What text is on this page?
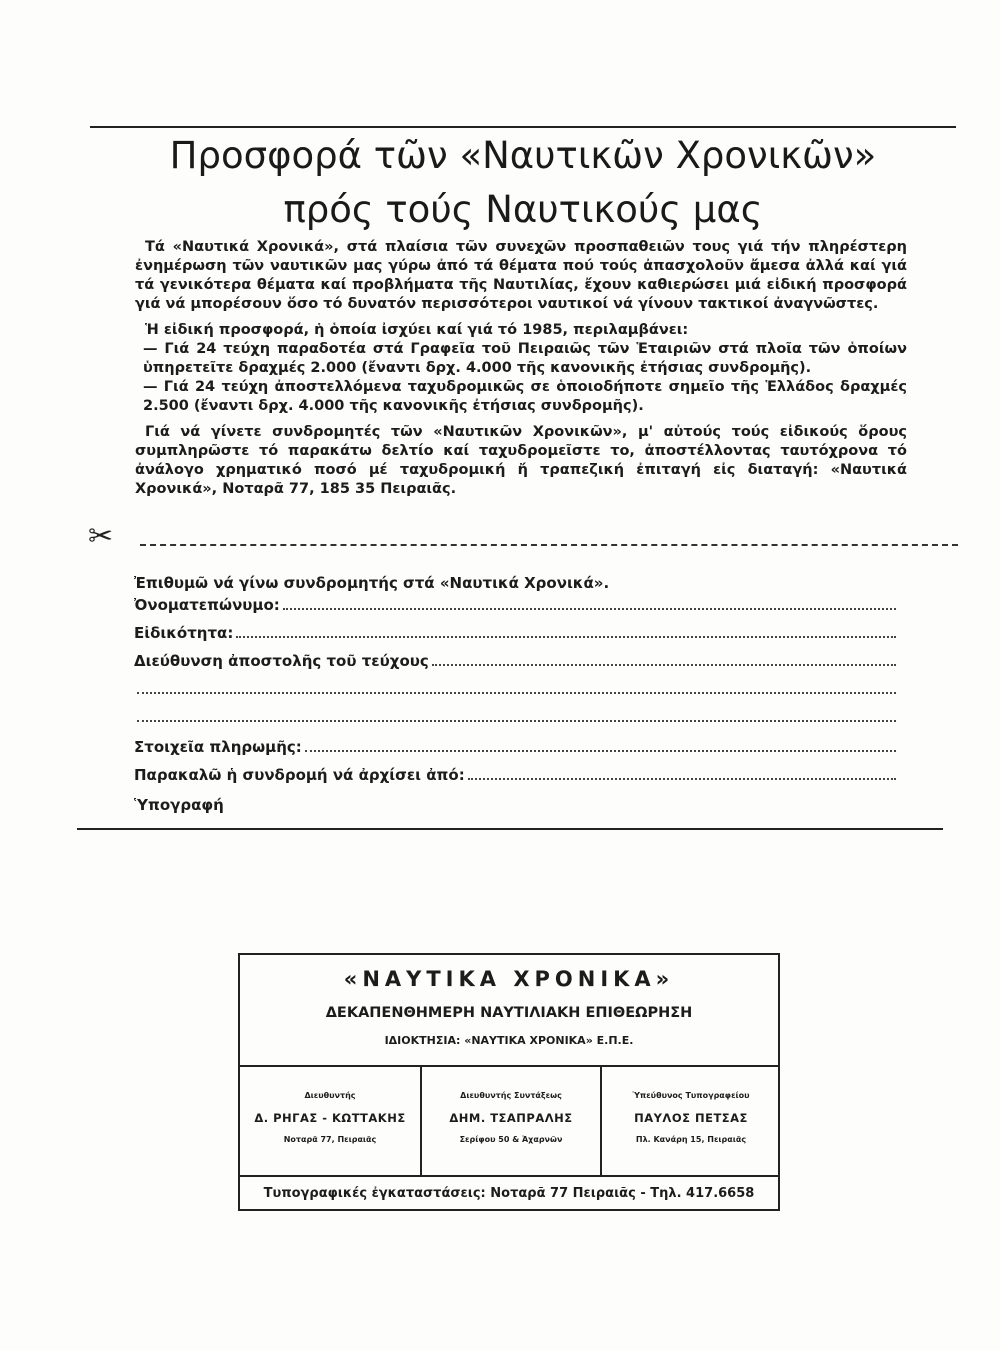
Προσφορά τῶν «Ναυτικῶν Χρονικῶν»
πρός τούς Ναυτικούς μας

Τά «Ναυτικά Χρονικά», στά πλαίσια τῶν συνεχῶν προσπαθειῶν τους γιά τήν πληρέστερη ἐνημέρωση τῶν ναυτικῶν μας γύρω ἀπό τά θέματα πού τούς ἀπασχολοῦν ἄμεσα ἀλλά καί γιά τά γενικότερα θέματα καί προβλήματα τῆς Ναυτιλίας, ἔχουν καθιερώσει μιά εἰδική προσφορά γιά νά μπορέσουν ὅσο τό δυνατόν περισσότεροι ναυτικοί νά γίνουν τακτικοί ἀναγνῶστες.

Ἡ εἰδική προσφορά, ἡ ὁποία ἰσχύει καί γιά τό 1985, περιλαμβάνει:

— Γιά 24 τεύχη παραδοτέα στά Γραφεῖα τοῦ Πειραιῶς τῶν Ἑταιριῶν στά πλοῖα τῶν ὁποίων ὑπηρετεῖτε δραχμές 2.000 (ἔναντι δρχ. 4.000 τῆς κανονικῆς ἐτήσιας συνδρομῆς).

— Γιά 24 τεύχη ἀποστελλόμενα ταχυδρομικῶς σε ὁποιοδήποτε σημεῖο τῆς Ἑλλάδος δραχμές 2.500 (ἔναντι δρχ. 4.000 τῆς κανονικῆς ἐτήσιας συνδρομῆς).

Γιά νά γίνετε συνδρομητές τῶν «Ναυτικῶν Χρονικῶν», μ' αὐτούς τούς εἰδικούς ὅρους συμπληρῶστε τό παρακάτω δελτίο καί ταχυδρομεῖστε το, ἀποστέλλοντας ταυτόχρονα τό ἀνάλογο χρηματικό ποσό μέ ταχυδρομική ἤ τραπεζική ἐπιταγή εἰς διαταγή: «Ναυτικά Χρονικά», Νοταρᾶ 77, 185 35 Πειραιᾶς.

✂
Ἐπιθυμῶ νά γίνω συνδρομητής στά «Ναυτικά Χρονικά».
Ὀνοματεπώνυμο:
Εἰδικότητα:
Διεύθυνση ἀποστολῆς τοῦ τεύχους
Στοιχεῖα πληρωμῆς:
Παρακαλῶ ἡ συνδρομή νά ἀρχίσει ἀπό:
Ὑπογραφή
«ΝΑΥΤΙΚΑ ΧΡΟΝΙΚΑ»
ΔΕΚΑΠΕΝΘΗΜΕΡΗ ΝΑΥΤΙΛΙΑΚΗ ΕΠΙΘΕΩΡΗΣΗ
ΙΔΙΟΚΤΗΣΙΑ: «ΝΑΥΤΙΚΑ ΧΡΟΝΙΚΑ» Ε.Π.Ε.
Διευθυντής
Δ. ΡΗΓΑΣ - ΚΩΤΤΑΚΗΣ
Νοταρᾶ 77, Πειραιᾶς
Διευθυντής Συντάξεως
ΔΗΜ. ΤΣΑΠΡΑΛΗΣ
Σερίφου 50 & Ἀχαρνῶν
Ὑπεύθυνος Τυπογραφείου
ΠΑΥΛΟΣ ΠΕΤΣΑΣ
Πλ. Κανάρη 15, Πειραιᾶς
Τυπογραφικές ἐγκαταστάσεις: Νοταρᾶ 77 Πειραιᾶς - Τηλ. 417.6658
